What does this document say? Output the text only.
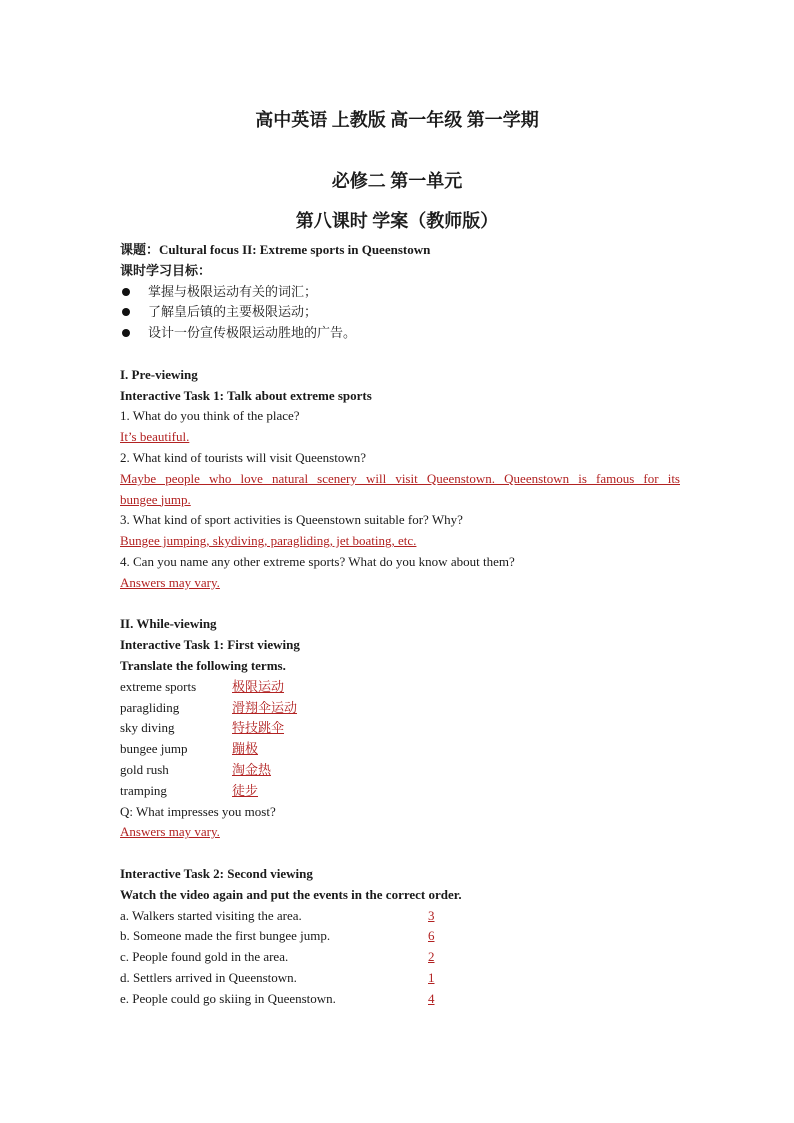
高中英语 上教版 高一年级 第一学期
必修二 第一单元
第八课时 学案（教师版）
课题：Cultural focus II: Extreme sports in Queenstown
课时学习目标：
掌握与极限运动有关的词汇；
了解皇后镇的主要极限运动；
设计一份宣传极限运动胜地的广告。
I. Pre-viewing
Interactive Task 1: Talk about extreme sports
1. What do you think of the place?
It’s beautiful.
2. What kind of tourists will visit Queenstown?
Maybe people who love natural scenery will visit Queenstown. Queenstown is famous for its
bungee jump.
3. What kind of sport activities is Queenstown suitable for? Why?
Bungee jumping, skydiving, paragliding, jet boating, etc.
4. Can you name any other extreme sports? What do you know about them?
Answers may vary.
II. While-viewing
Interactive Task 1: First viewing
Translate the following terms.
extreme sports	极限运动
paragliding	滑翔伞运动
sky diving	特技跳伞
bungee jump	蹦极
gold rush	淘金热
tramping	徒步
Q: What impresses you most?
Answers may vary.
Interactive Task 2: Second viewing
Watch the video again and put the events in the correct order.
a. Walkers started visiting the area.	3
b. Someone made the first bungee jump.	6
c. People found gold in the area.	2
d. Settlers arrived in Queenstown.	1
e. People could go skiing in Queenstown.	4
